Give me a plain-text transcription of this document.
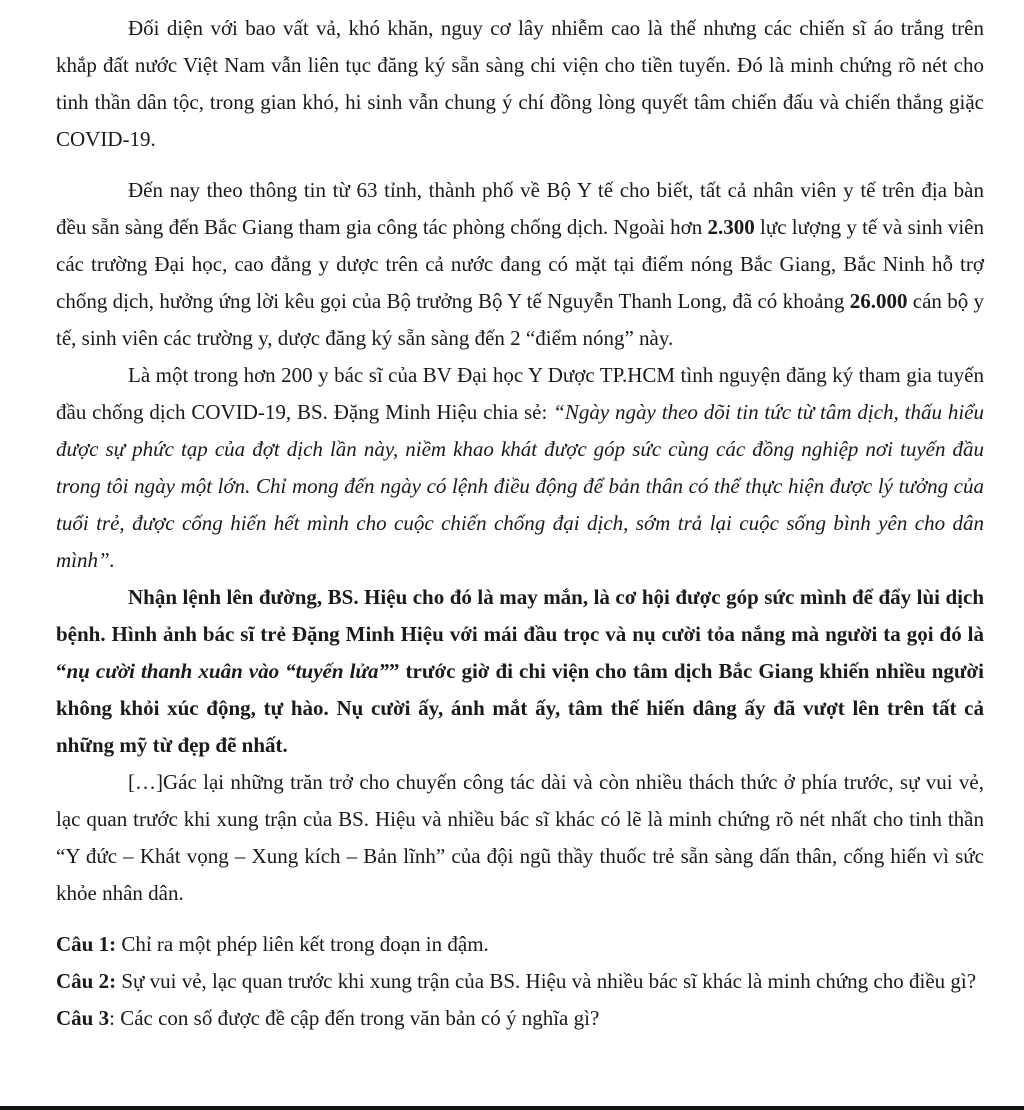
Đối diện với bao vất vả, khó khăn, nguy cơ lây nhiễm cao là thế nhưng các chiến sĩ áo trắng trên khắp đất nước Việt Nam vẫn liên tục đăng ký sẵn sàng chi viện cho tiền tuyến. Đó là minh chứng rõ nét cho tinh thần dân tộc, trong gian khó, hi sinh vẫn chung ý chí đồng lòng quyết tâm chiến đấu và chiến thắng giặc COVID-19.

Đến nay theo thông tin từ 63 tỉnh, thành phố về Bộ Y tế cho biết, tất cả nhân viên y tế trên địa bàn đều sẵn sàng đến Bắc Giang tham gia công tác phòng chống dịch. Ngoài hơn 2.300 lực lượng y tế và sinh viên các trường Đại học, cao đẳng y dược trên cả nước đang có mặt tại điểm nóng Bắc Giang, Bắc Ninh hỗ trợ chống dịch, hưởng ứng lời kêu gọi của Bộ trưởng Bộ Y tế Nguyễn Thanh Long, đã có khoảng 26.000 cán bộ y tế, sinh viên các trường y, dược đăng ký sẵn sàng đến 2 “điểm nóng” này.

Là một trong hơn 200 y bác sĩ của BV Đại học Y Dược TP.HCM tình nguyện đăng ký tham gia tuyến đầu chống dịch COVID-19, BS. Đặng Minh Hiệu chia sẻ: “Ngày ngày theo dõi tin tức từ tâm dịch, thấu hiểu được sự phức tạp của đợt dịch lần này, niềm khao khát được góp sức cùng các đồng nghiệp nơi tuyến đầu trong tôi ngày một lớn. Chỉ mong đến ngày có lệnh điều động để bản thân có thể thực hiện được lý tưởng của tuổi trẻ, được cống hiến hết mình cho cuộc chiến chống đại dịch, sớm trả lại cuộc sống bình yên cho dân mình”.

Nhận lệnh lên đường, BS. Hiệu cho đó là may mắn, là cơ hội được góp sức mình để đẩy lùi dịch bệnh. Hình ảnh bác sĩ trẻ Đặng Minh Hiệu với mái đầu trọc và nụ cười tỏa nắng mà người ta gọi đó là “nụ cười thanh xuân vào “tuyến lửa”” trước giờ đi chi viện cho tâm dịch Bắc Giang khiến nhiều người không khỏi xúc động, tự hào. Nụ cười ấy, ánh mắt ấy, tâm thế hiến dâng ấy đã vượt lên trên tất cả những mỹ từ đẹp đẽ nhất.

[…]Gác lại những trăn trở cho chuyến công tác dài và còn nhiều thách thức ở phía trước, sự vui vẻ, lạc quan trước khi xung trận của BS. Hiệu và nhiều bác sĩ khác có lẽ là minh chứng rõ nét nhất cho tinh thần “Y đức – Khát vọng – Xung kích – Bản lĩnh” của đội ngũ thầy thuốc trẻ sẵn sàng dấn thân, cống hiến vì sức khỏe nhân dân.

Câu 1: Chỉ ra một phép liên kết trong đoạn in đậm.

Câu 2: Sự vui vẻ, lạc quan trước khi xung trận của BS. Hiệu và nhiều bác sĩ khác là minh chứng cho điều gì?

Câu 3: Các con số được đề cập đến trong văn bản có ý nghĩa gì?
